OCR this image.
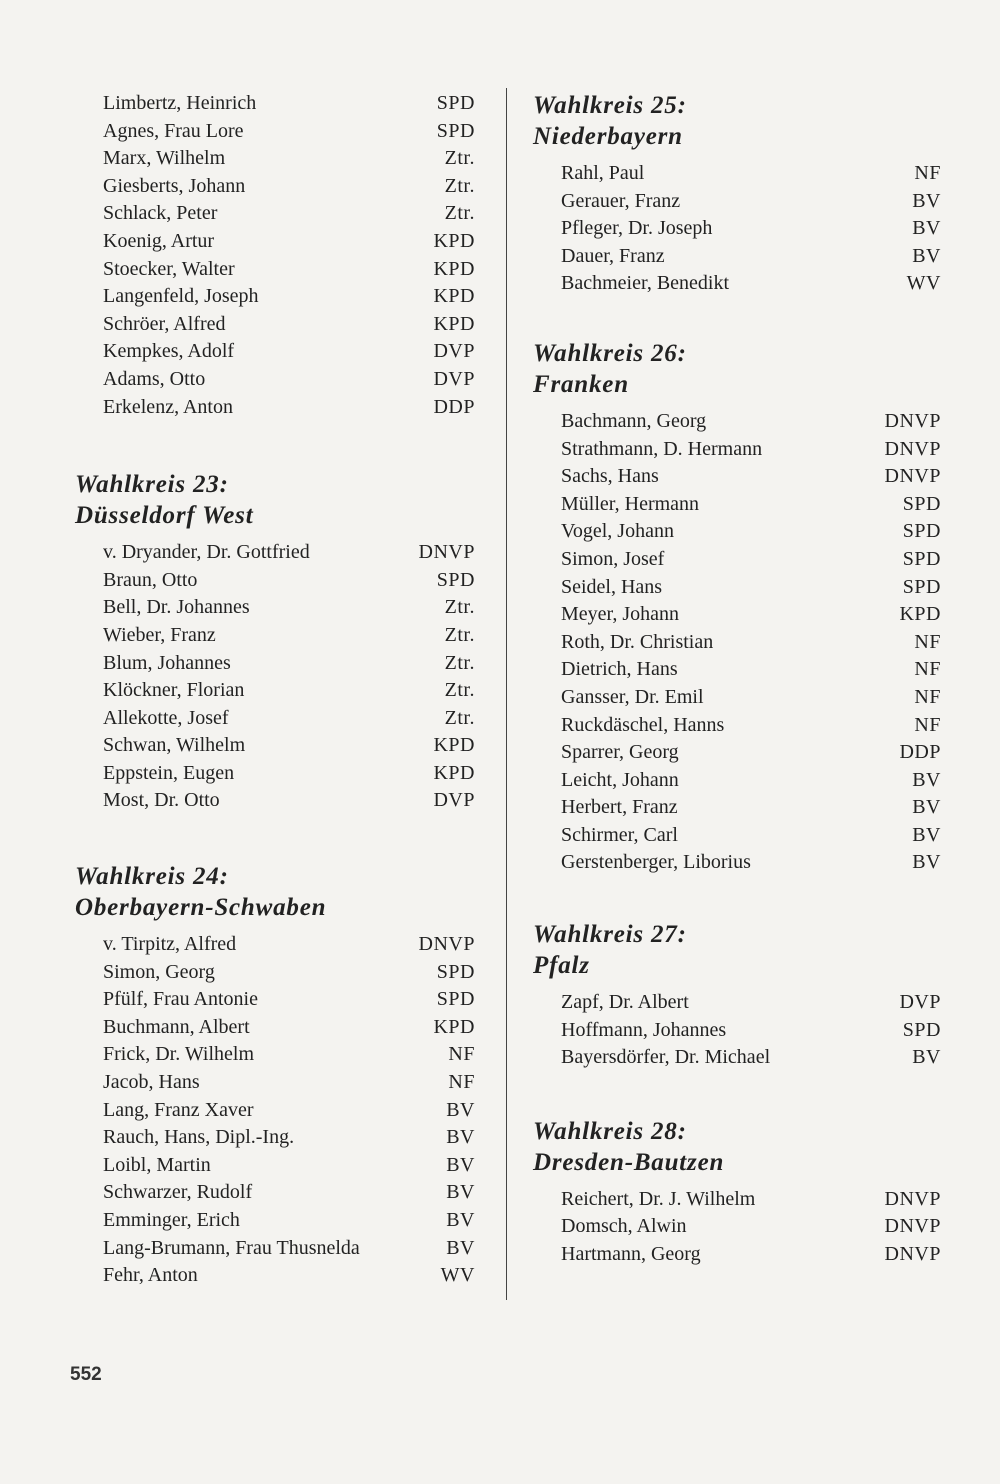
Limbertz, Heinrich	SPD
Agnes, Frau Lore	SPD
Marx, Wilhelm	Ztr.
Giesberts, Johann	Ztr.
Schlack, Peter	Ztr.
Koenig, Artur	KPD
Stoecker, Walter	KPD
Langenfeld, Joseph	KPD
Schröer, Alfred	KPD
Kempkes, Adolf	DVP
Adams, Otto	DVP
Erkelenz, Anton	DDP
Wahlkreis 23:
Düsseldorf West
v. Dryander, Dr. Gottfried	DNVP
Braun, Otto	SPD
Bell, Dr. Johannes	Ztr.
Wieber, Franz	Ztr.
Blum, Johannes	Ztr.
Klöckner, Florian	Ztr.
Allekotte, Josef	Ztr.
Schwan, Wilhelm	KPD
Eppstein, Eugen	KPD
Most, Dr. Otto	DVP
Wahlkreis 24:
Oberbayern-Schwaben
v. Tirpitz, Alfred	DNVP
Simon, Georg	SPD
Pfülf, Frau Antonie	SPD
Buchmann, Albert	KPD
Frick, Dr. Wilhelm	NF
Jacob, Hans	NF
Lang, Franz Xaver	BV
Rauch, Hans, Dipl.-Ing.	BV
Loibl, Martin	BV
Schwarzer, Rudolf	BV
Emminger, Erich	BV
Lang-Brumann, Frau Thusnelda	BV
Fehr, Anton	WV
Wahlkreis 25:
Niederbayern
Rahl, Paul	NF
Gerauer, Franz	BV
Pfleger, Dr. Joseph	BV
Dauer, Franz	BV
Bachmeier, Benedikt	WV
Wahlkreis 26:
Franken
Bachmann, Georg	DNVP
Strathmann, D. Hermann	DNVP
Sachs, Hans	DNVP
Müller, Hermann	SPD
Vogel, Johann	SPD
Simon, Josef	SPD
Seidel, Hans	SPD
Meyer, Johann	KPD
Roth, Dr. Christian	NF
Dietrich, Hans	NF
Gansser, Dr. Emil	NF
Ruckdäschel, Hanns	NF
Sparrer, Georg	DDP
Leicht, Johann	BV
Herbert, Franz	BV
Schirmer, Carl	BV
Gerstenberger, Liborius	BV
Wahlkreis 27:
Pfalz
Zapf, Dr. Albert	DVP
Hoffmann, Johannes	SPD
Bayersdörfer, Dr. Michael	BV
Wahlkreis 28:
Dresden-Bautzen
Reichert, Dr. J. Wilhelm	DNVP
Domsch, Alwin	DNVP
Hartmann, Georg	DNVP
552
